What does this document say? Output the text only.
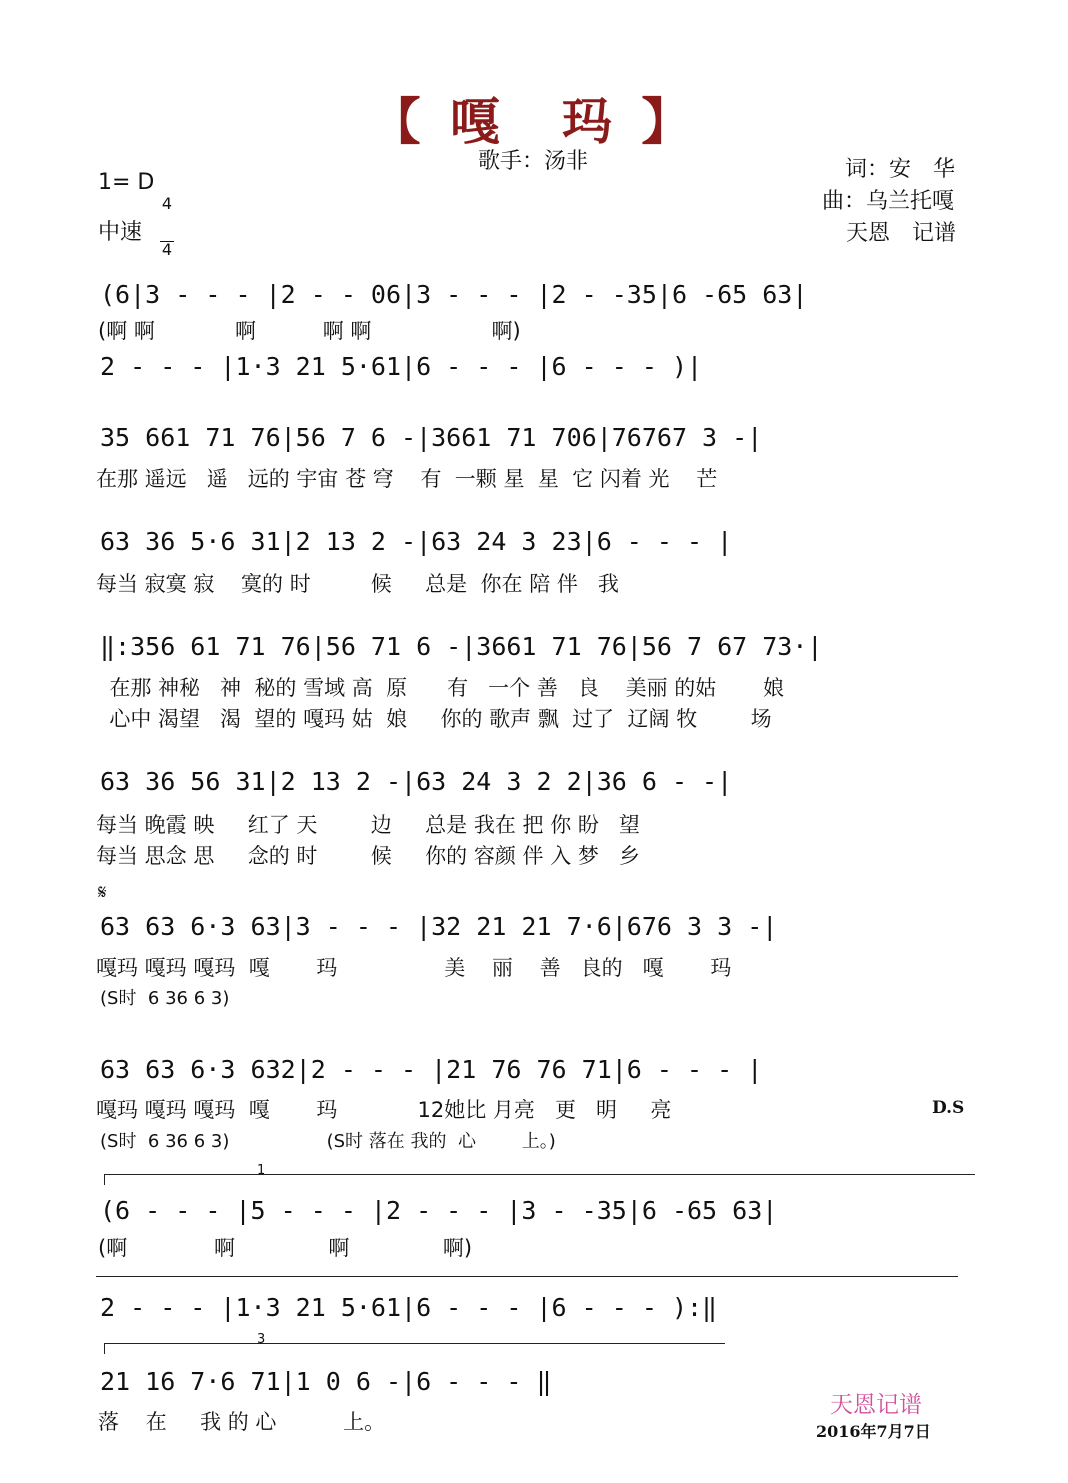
【 嘎　玛 】
歌手：汤非
1= D

4

4

中速
词：安　华
曲：乌兰托嘎
天恩　记谱
(6|3 - - - |2 - - 06|3 - - - |2 - -35|6 -65 63|
(啊 啊            啊          啊 啊                  啊)
2 - - - |1·3 21 5·61|6 - - - |6 - - - )|
35 661 71 76|56 7 6 -|3661 71 706|76767 3 -|
在那 遥远   遥   远的 宇宙 苍 穹    有  一颗 星  星  它 闪着 光    芒
63 36 5·6 31|2 13 2 -|63 24 3 23|6 - - - |
每当 寂寞 寂    寞的 时         候     总是  你在 陪 伴   我
‖:356 61 71 76|56 71 6 -|3661 71 76|56 7 67 73·|
在那 神秘   神  秘的 雪域 高  原      有   一个 善   良    美丽 的姑       娘
心中 渴望   渴  望的 嘎玛 姑  娘     你的 歌声 飘  过了  辽阔 牧        场
63 36 56 31|2 13 2 -|63 24 3 2 2|36 6 - -|
每当 晚霞 映     红了 天        边     总是 我在 把 你 盼   望
每当 思念 思     念的 时        候     你的 容颜 伴 入 梦   乡
𝄋
63 63 6·3 63|3 - - - |32 21 21 7·6|676 3 3 -|
嘎玛 嘎玛 嘎玛  嘎       玛                美    丽    善   良的   嘎       玛
(S时  6 36 6 3)
63 63 6·3 632|2 - - - |21 76 76 71|6 - - - |
嘎玛 嘎玛 嘎玛  嘎       玛            12她比 月亮   更   明     亮	D.S
(S时  6 36 6 3)                 (S时 落在 我的  心        上。)
1
(6 - - - |5 - - - |2 - - - |3 - -35|6 -65 63|
(啊             啊              啊              啊)
2 - - - |1·3 21 5·61|6 - - - |6 - - - ):‖
3
21 16 7·6 71|1 0 6 -|6 - - - ‖
落    在     我 的 心          上。
天恩记谱
2016年7月7日
